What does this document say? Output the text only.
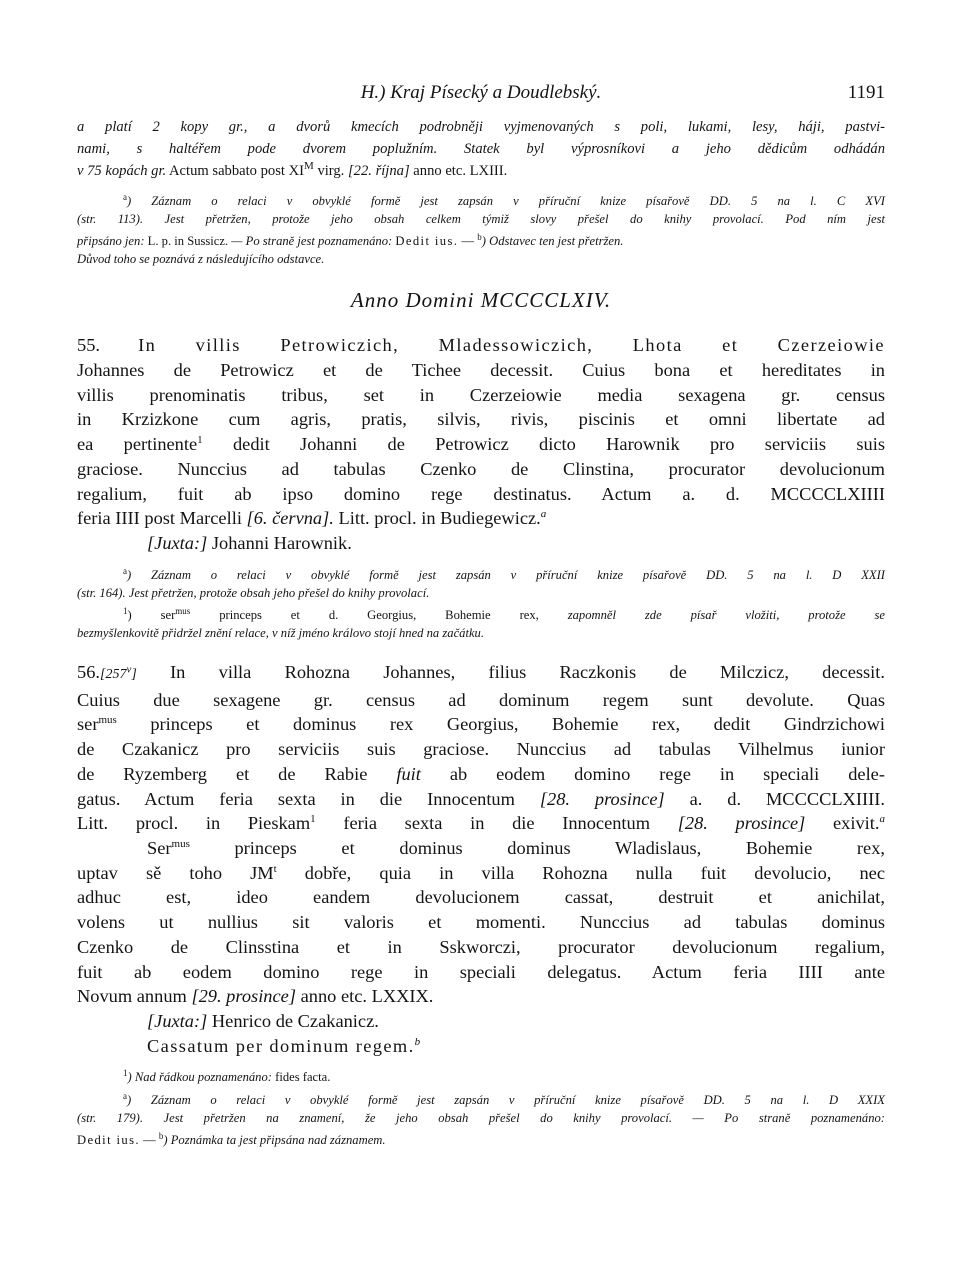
H.) Kraj Písecký a Doudlebský.	1191
a platí 2 kopy gr., a dvorů kmecích podrobněji vyjmenovaných s poli, lukami, lesy, háji, pastvi-
nami, s haltéřem pode dvorem poplužním. Statek byl výprosníkovi a jeho dědicům odhádán
v 75 kopách gr. Actum sabbato post $XI^M$ virg. [22. října] anno etc. LXIII.
$^a$) Záznam o relaci v obvyklé formě jest zapsán v příruční knize písařově DD. 5 na l. C XVI
(str. 113). Jest přetržen, protože jeho obsah celkem týmiž slovy přešel do knihy provolací. Pod ním jest
připsáno jen: L. p. in Sussicz. — Po straně jest poznamenáno: Dedit ius. — $^b$) Odstavec ten jest přetržen.
Důvod toho se poznává z následujícího odstavce.
Anno Domini MCCCCLXIV.
55. In villis Petrowiczich, Mladessowiczich, Lhota et Czerzeiowie
Johannes de Petrowicz et de Tichee decessit. Cuius bona et hereditates in
villis prenominatis tribus, set in Czerzeiowie media sexagena gr. census
in Krzizkone cum agris, pratis, silvis, rivis, piscinis et omni libertate ad
ea pertinente$^1$ dedit Johanni de Petrowicz dicto Harownik pro serviciis suis
graciose. Nunccius ad tabulas Czenko de Clinstina, procurator devolucionum
regalium, fuit ab ipso domino rege destinatus. Actum a. d. MCCCCLXIIII
feria IIII post Marcelli [6. června]. Litt. procl. in Budiegewicz.$^a$
[Juxta:] Johanni Harownik.
$^a$) Záznam o relaci v obvyklé formě jest zapsán v příruční knize písařově DD. 5 na l. D XXII
(str. 164). Jest přetržen, protože obsah jeho přešel do knihy provolací.
$^1$) ser$^{mus}$ princeps et d. Georgius, Bohemie rex, zapomněl zde písař vložiti, protože se
bezmyšlenkovitě přidržel znění relace, v níž jméno královo stojí hned na začátku.
56.[257$^v$] In villa Rohozna Johannes, filius Raczkonis de Milczicz, decessit.
Cuius due sexagene gr. census ad dominum regem sunt devolute. Quas
ser$^{mus}$ princeps et dominus rex Georgius, Bohemie rex, dedit Gindrzichowi
de Czakanicz pro serviciis suis graciose. Nunccius ad tabulas Vilhelmus iunior
de Ryzemberg et de Rabie fuit ab eodem domino rege in speciali dele-
gatus. Actum feria sexta in die Innocentum [28. prosince] a. d. MCCCCLXIIII.
Litt. procl. in Pieskam$^1$ feria sexta in die Innocentum [28. prosince] exivit.$^a$
Ser$^{mus}$ princeps et dominus dominus Wladislaus, Bohemie rex,
uptav sě toho $JM^t$ dobře, quia in villa Rohozna nulla fuit devolucio, nec
adhuc est, ideo eandem devolucionem cassat, destruit et anichilat,
volens ut nullius sit valoris et momenti. Nunccius ad tabulas dominus
Czenko de Clinsstina et in Sskworczi, procurator devolucionum regalium,
fuit ab eodem domino rege in speciali delegatus. Actum feria IIII ante
Novum annum [29. prosince] anno etc. LXXIX.
[Juxta:] Henrico de Czakanicz.
Cassatum per dominum regem.$^b$
$^1$) Nad řádkou poznamenáno: fides facta.
$^a$) Záznam o relaci v obvyklé formě jest zapsán v příruční knize písařově DD. 5 na l. D XXIX
(str. 179). Jest přetržen na znamení, že jeho obsah přešel do knihy provolací. — Po straně poznamenáno:
Dedit ius. — $^b$) Poznámka ta jest připsána nad záznamem.
